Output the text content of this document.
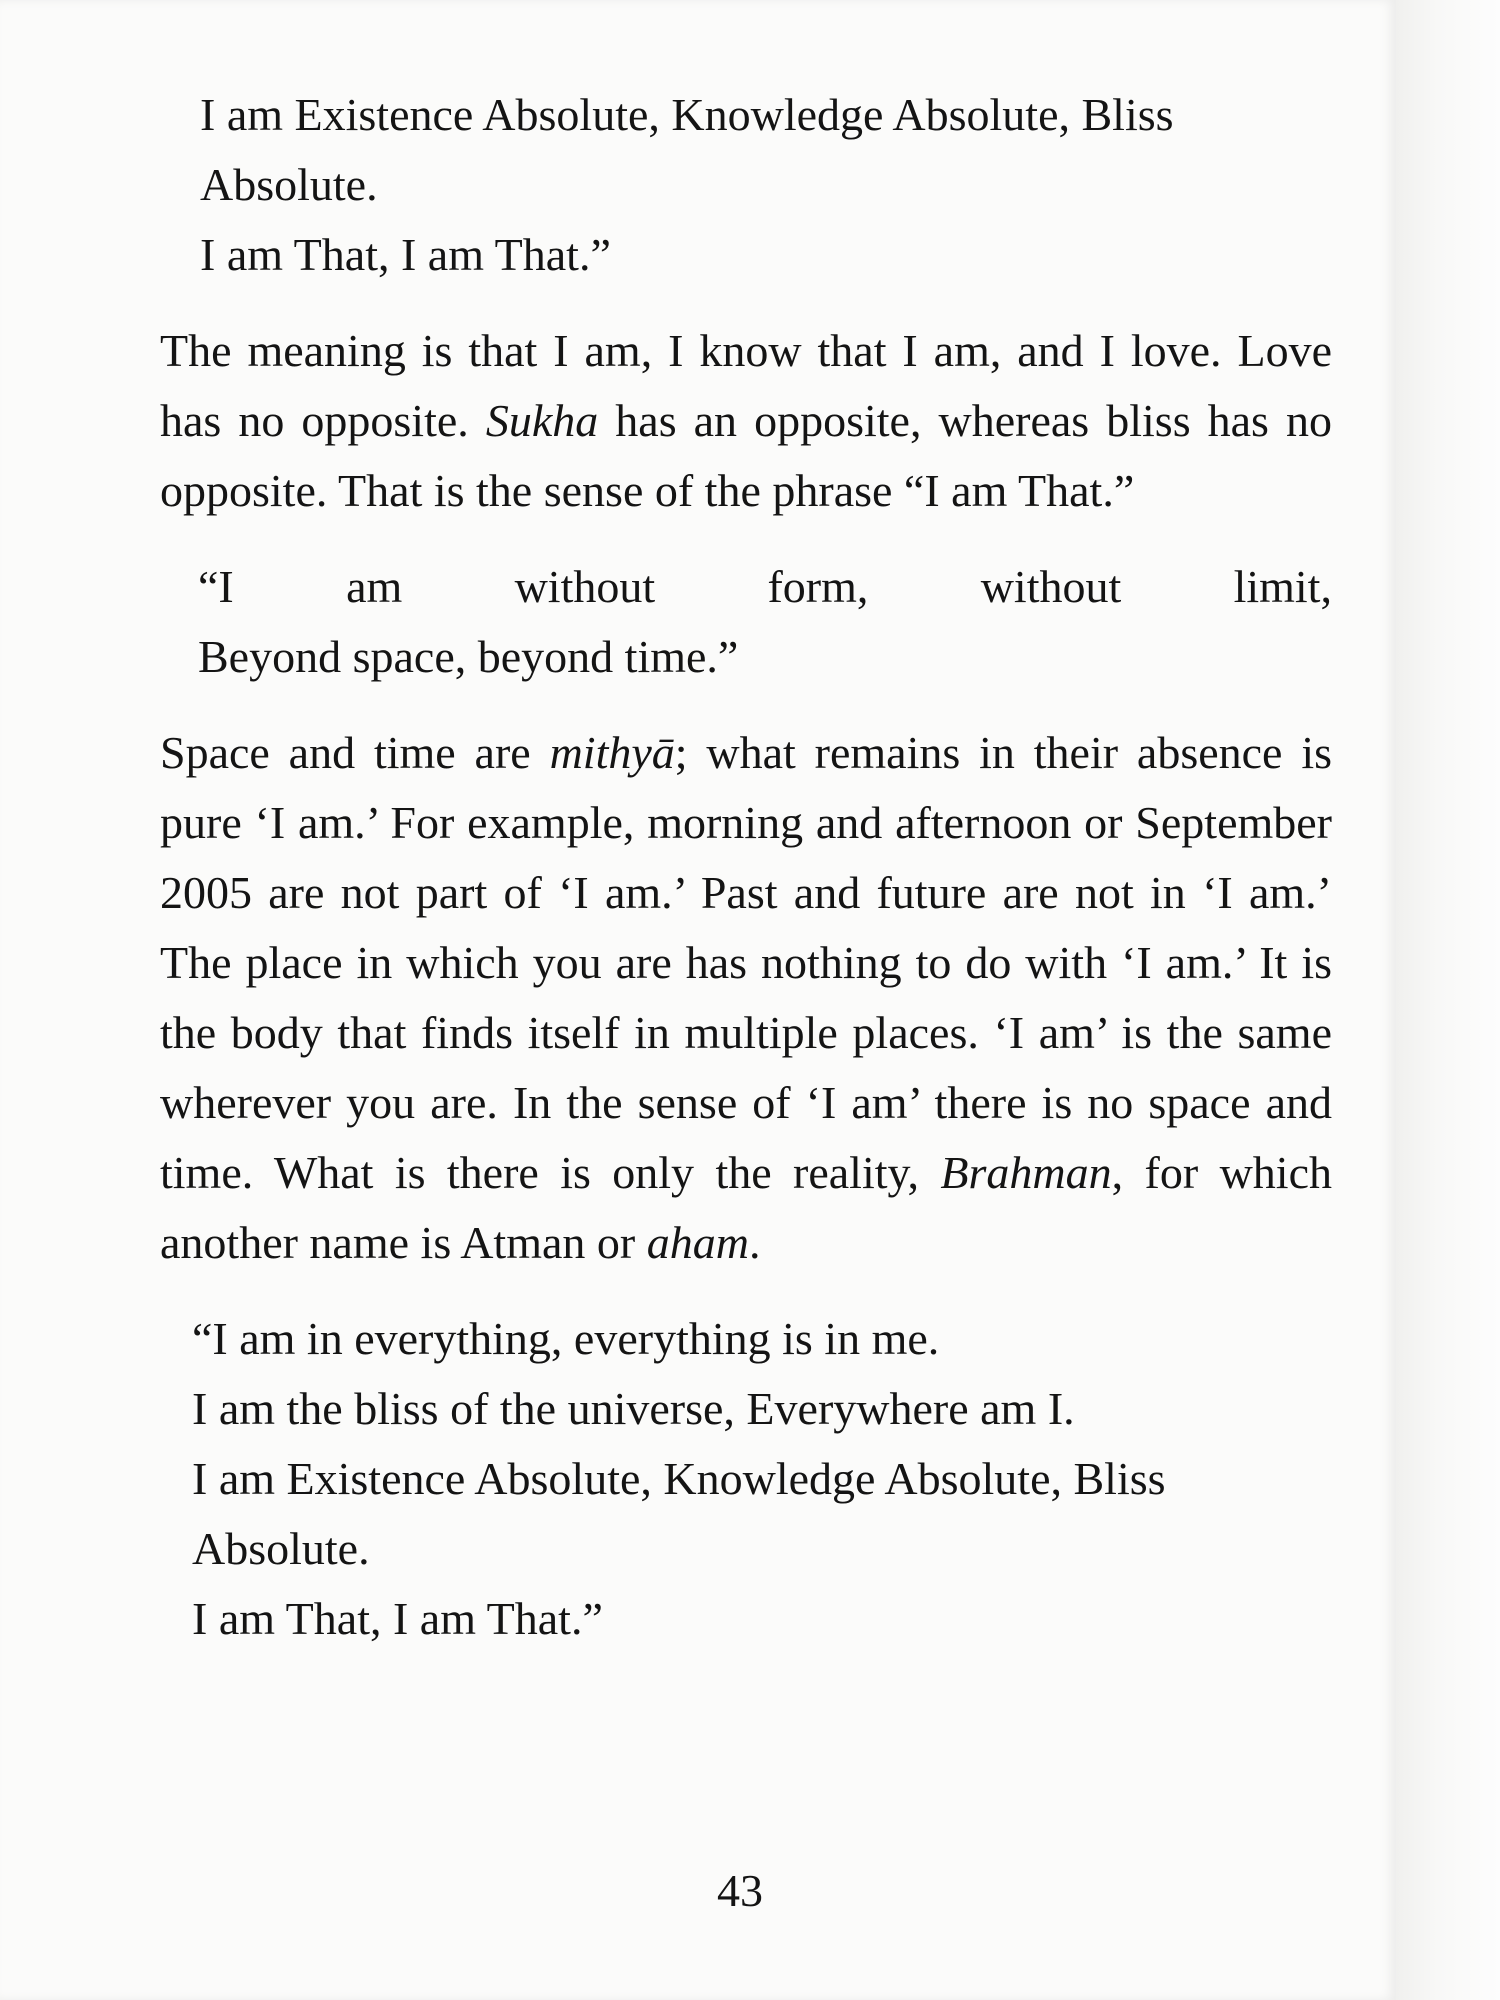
I am Existence Absolute, Knowledge Absolute, Bliss
Absolute.
I am That, I am That.”

The meaning is that I am, I know that I am, and I love. Love has no opposite. Sukha has an opposite, whereas bliss has no opposite. That is the sense of the phrase “I am That.”

“I am without form, without limit,
Beyond space, beyond time.”

Space and time are mithyā; what remains in their absence is pure ‘I am.’ For example, morning and afternoon or September 2005 are not part of ‘I am.’ Past and future are not in ‘I am.’ The place in which you are has nothing to do with ‘I am.’ It is the body that finds itself in multiple places. ‘I am’ is the same wherever you are. In the sense of ‘I am’ there is no space and time. What is there is only the reality, Brahman, for which another name is Atman or aham.

“I am in everything, everything is in me.
I am the bliss of the universe, Everywhere am I.
I am Existence Absolute, Knowledge Absolute, Bliss
Absolute.
I am That, I am That.”
43
